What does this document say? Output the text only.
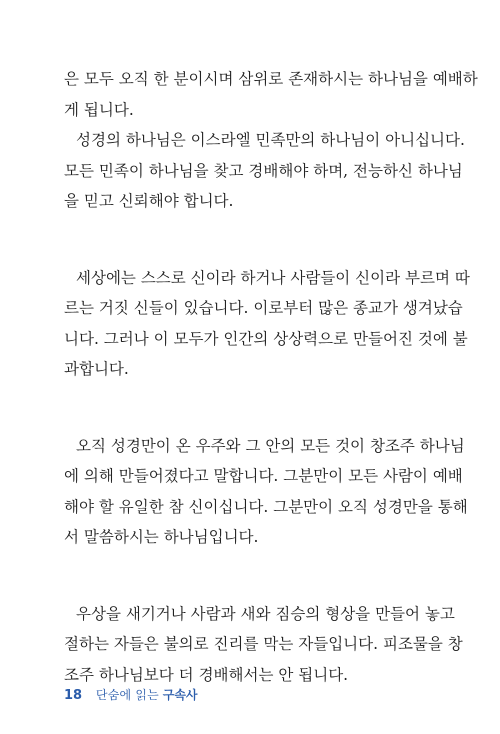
은 모두 오직 한 분이시며 삼위로 존재하시는 하나님을 예배하
게 됩니다.

성경의 하나님은 이스라엘 민족만의 하나님이 아니십니다.
모든 민족이 하나님을 찾고 경배해야 하며, 전능하신 하나님
을 믿고 신뢰해야 합니다.

세상에는 스스로 신이라 하거나 사람들이 신이라 부르며 따
르는 거짓 신들이 있습니다. 이로부터 많은 종교가 생겨났습
니다. 그러나 이 모두가 인간의 상상력으로 만들어진 것에 불
과합니다.

오직 성경만이 온 우주와 그 안의 모든 것이 창조주 하나님
에 의해 만들어졌다고 말합니다. 그분만이 모든 사람이 예배
해야 할 유일한 참 신이십니다. 그분만이 오직 성경만을 통해
서 말씀하시는 하나님입니다.

우상을 새기거나 사람과 새와 짐승의 형상을 만들어 놓고
절하는 자들은 불의로 진리를 막는 자들입니다. 피조물을 창
조주 하나님보다 더 경배해서는 안 됩니다.

18 단숨에 읽는 구속사
